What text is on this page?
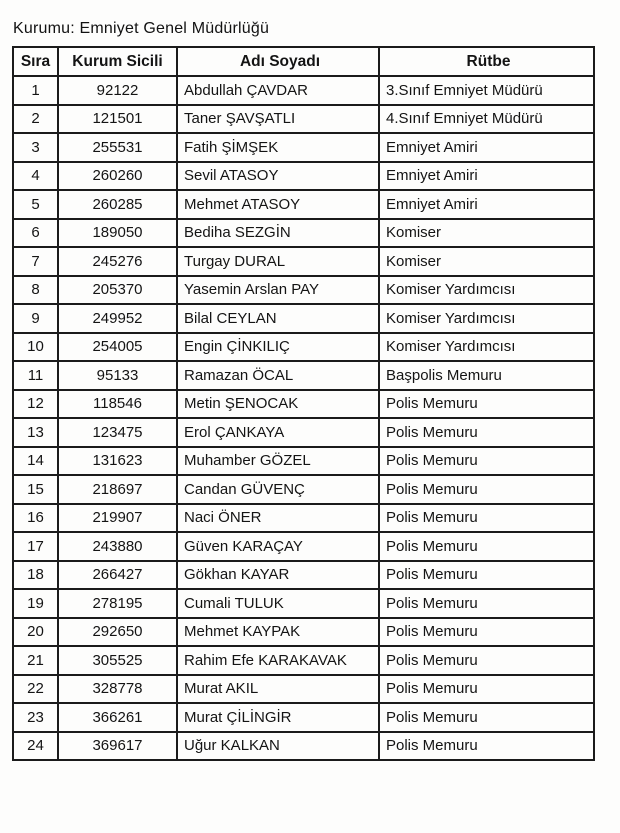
Kurumu: Emniyet Genel Müdürlüğü
Sıra	Kurum Sicili	Adı Soyadı	Rütbe
1	92122	Abdullah ÇAVDAR	3.Sınıf Emniyet Müdürü
2	121501	Taner ŞAVŞATLI	4.Sınıf Emniyet Müdürü
3	255531	Fatih ŞİMŞEK	Emniyet Amiri
4	260260	Sevil ATASOY	Emniyet Amiri
5	260285	Mehmet ATASOY	Emniyet Amiri
6	189050	Bediha SEZGİN	Komiser
7	245276	Turgay DURAL	Komiser
8	205370	Yasemin Arslan PAY	Komiser Yardımcısı
9	249952	Bilal CEYLAN	Komiser Yardımcısı
10	254005	Engin ÇİNKILIÇ	Komiser Yardımcısı
11	95133	Ramazan ÖCAL	Başpolis Memuru
12	118546	Metin ŞENOCAK	Polis Memuru
13	123475	Erol ÇANKAYA	Polis Memuru
14	131623	Muhamber GÖZEL	Polis Memuru
15	218697	Candan GÜVENÇ	Polis Memuru
16	219907	Naci ÖNER	Polis Memuru
17	243880	Güven KARAÇAY	Polis Memuru
18	266427	Gökhan KAYAR	Polis Memuru
19	278195	Cumali TULUK	Polis Memuru
20	292650	Mehmet KAYPAK	Polis Memuru
21	305525	Rahim Efe KARAKAVAK	Polis Memuru
22	328778	Murat AKIL	Polis Memuru
23	366261	Murat ÇİLİNGİR	Polis Memuru
24	369617	Uğur KALKAN	Polis Memuru
